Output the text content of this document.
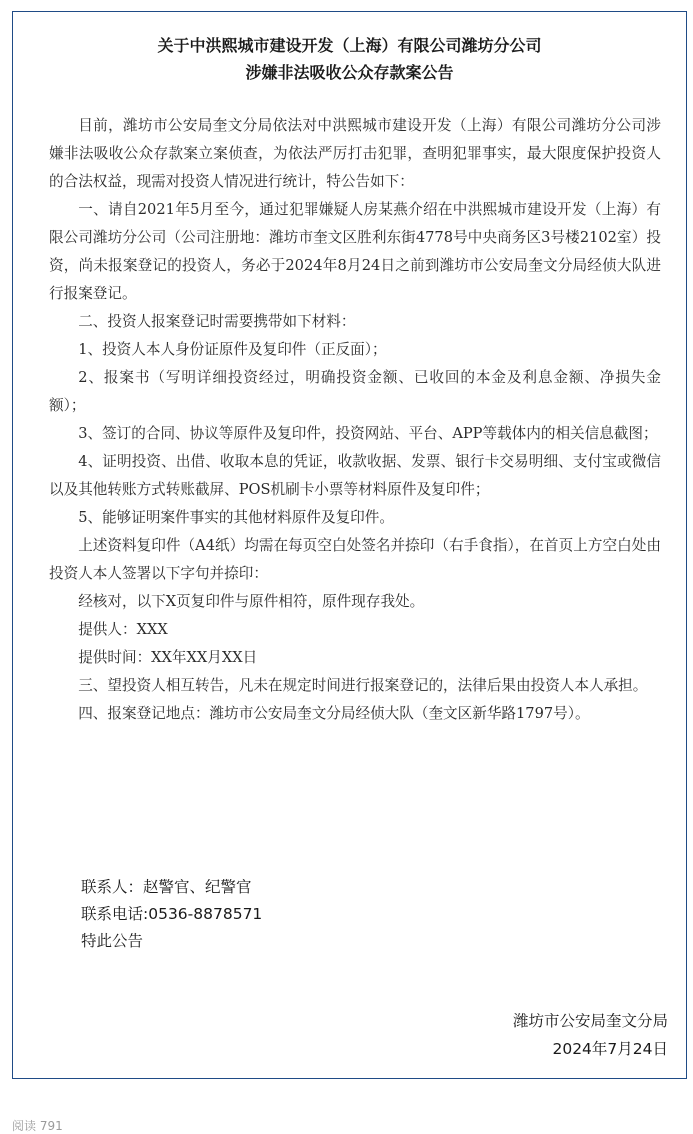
关于中洪熙城市建设开发（上海）有限公司潍坊分公司
涉嫌非法吸收公众存款案公告

目前，潍坊市公安局奎文分局依法对中洪熙城市建设开发（上海）有限公司潍坊分公司涉嫌非法吸收公众存款案立案侦查，为依法严厉打击犯罪，查明犯罪事实，最大限度保护投资人的合法权益，现需对投资人情况进行统计，特公告如下：

一、请自2021年5月至今，通过犯罪嫌疑人房某燕介绍在中洪熙城市建设开发（上海）有限公司潍坊分公司（公司注册地：潍坊市奎文区胜利东街4778号中央商务区3号楼2102室）投资，尚未报案登记的投资人，务必于2024年8月24日之前到潍坊市公安局奎文分局经侦大队进行报案登记。

二、投资人报案登记时需要携带如下材料：

1、投资人本人身份证原件及复印件（正反面）；

2、报案书（写明详细投资经过，明确投资金额、已收回的本金及利息金额、净损失金额）；

3、签订的合同、协议等原件及复印件，投资网站、平台、APP等载体内的相关信息截图；

4、证明投资、出借、收取本息的凭证，收款收据、发票、银行卡交易明细、支付宝或微信以及其他转账方式转账截屏、POS机刷卡小票等材料原件及复印件；

5、能够证明案件事实的其他材料原件及复印件。

上述资料复印件（A4纸）均需在每页空白处签名并捺印（右手食指），在首页上方空白处由投资人本人签署以下字句并捺印：

经核对，以下X页复印件与原件相符，原件现存我处。

提供人：XXX

提供时间：XX年XX月XX日

三、望投资人相互转告，凡未在规定时间进行报案登记的，法律后果由投资人本人承担。

四、报案登记地点：潍坊市公安局奎文分局经侦大队（奎文区新华路1797号）。

联系人：赵警官、纪警官
联系电话:0536-8878571
特此公告
潍坊市公安局奎文分局
2024年7月24日
阅读 791
